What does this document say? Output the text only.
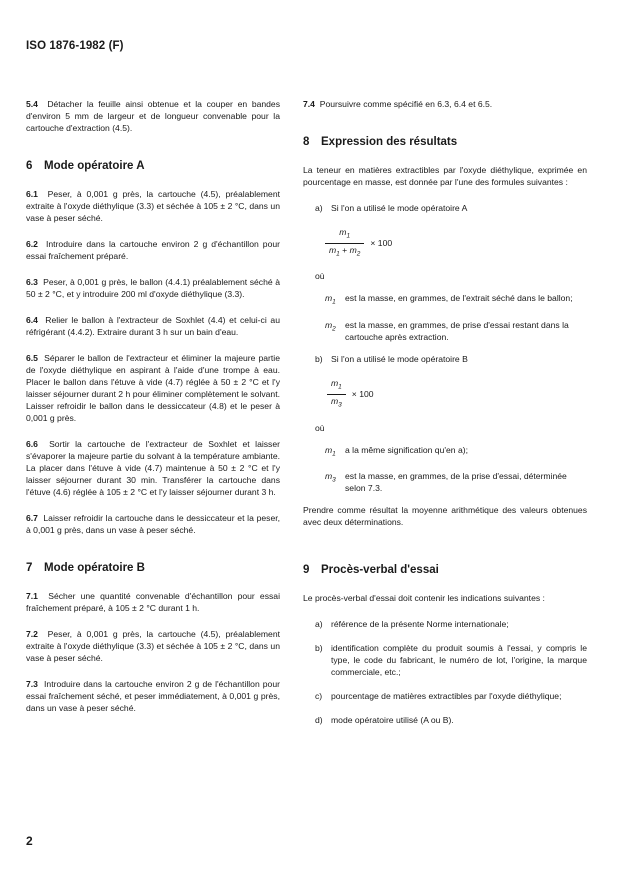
ISO 1876-1982 (F)

5.4 Détacher la feuille ainsi obtenue et la couper en bandes d'environ 5 mm de largeur et de longueur convenable pour la cartouche d'extraction (4.5).

6 Mode opératoire A

6.1 Peser, à 0,001 g près, la cartouche (4.5), préalablement extraite à l'oxyde diéthylique (3.3) et séchée à 105 ± 2 °C, dans un vase à peser séché.

6.2 Introduire dans la cartouche environ 2 g d'échantillon pour essai fraîchement préparé.

6.3 Peser, à 0,001 g près, le ballon (4.4.1) préalablement séché à 50 ± 2 °C, et y introduire 200 ml d'oxyde diéthylique (3.3).

6.4 Relier le ballon à l'extracteur de Soxhlet (4.4) et celui-ci au réfrigérant (4.4.2). Extraire durant 3 h sur un bain d'eau.

6.5 Séparer le ballon de l'extracteur et éliminer la majeure partie de l'oxyde diéthylique en aspirant à l'aide d'une trompe à eau. Placer le ballon dans l'étuve à vide (4.7) réglée à 50 ± 2 °C et l'y laisser séjourner durant 2 h pour éliminer complètement le solvant. Laisser refroidir le ballon dans le dessiccateur (4.8) et le peser à 0,001 g près.

6.6 Sortir la cartouche de l'extracteur de Soxhlet et laisser s'évaporer la majeure partie du solvant à la température ambiante. La placer dans l'étuve à vide (4.7) maintenue à 50 ± 2 °C et l'y laisser séjourner durant 30 min. Transférer la cartouche dans l'étuve (4.6) réglée à 105 ± 2 °C et l'y laisser séjourner durant 3 h.

6.7 Laisser refroidir la cartouche dans le dessiccateur et la peser, à 0,001 g près, dans un vase à peser séché.

7 Mode opératoire B

7.1 Sécher une quantité convenable d'échantillon pour essai fraîchement préparé, à 105 ± 2 °C durant 1 h.

7.2 Peser, à 0,001 g près, la cartouche (4.5), préalablement extraite à l'oxyde diéthylique (3.3) et séchée à 105 ± 2 °C, dans un vase à peser séché.

7.3 Introduire dans la cartouche environ 2 g de l'échantillon pour essai fraîchement séché, et peser immédiatement, à 0,001 g près, dans un vase à peser séché.

7.4 Poursuivre comme spécifié en 6.3, 6.4 et 6.5.

8 Expression des résultats

La teneur en matières extractibles par l'oxyde diéthylique, exprimée en pourcentage en masse, est donnée par l'une des formules suivantes :

a) Si l'on a utilisé le mode opératoire A
$\frac{m_1}{m_1 + m_2} \times 100$
où
$m_1$	est la masse, en grammes, de l'extrait séché dans le ballon;
$m_2$	est la masse, en grammes, de prise d'essai restant dans la cartouche après extraction.
b) Si l'on a utilisé le mode opératoire B
$\frac{m_1}{m_3} \times 100$
où
$m_1$	a la même signification qu'en a);
$m_3$	est la masse, en grammes, de la prise d'essai, déterminée selon 7.3.

Prendre comme résultat la moyenne arithmétique des valeurs obtenues avec deux déterminations.

9 Procès-verbal d'essai

Le procès-verbal d'essai doit contenir les indications suivantes :

a) référence de la présente Norme internationale;
b) identification complète du produit soumis à l'essai, y compris le type, le code du fabricant, le numéro de lot, l'origine, la marque commerciale, etc.;
c)	pourcentage de matières extractibles par l'oxyde diéthylique;
d) mode opératoire utilisé (A ou B).
2
